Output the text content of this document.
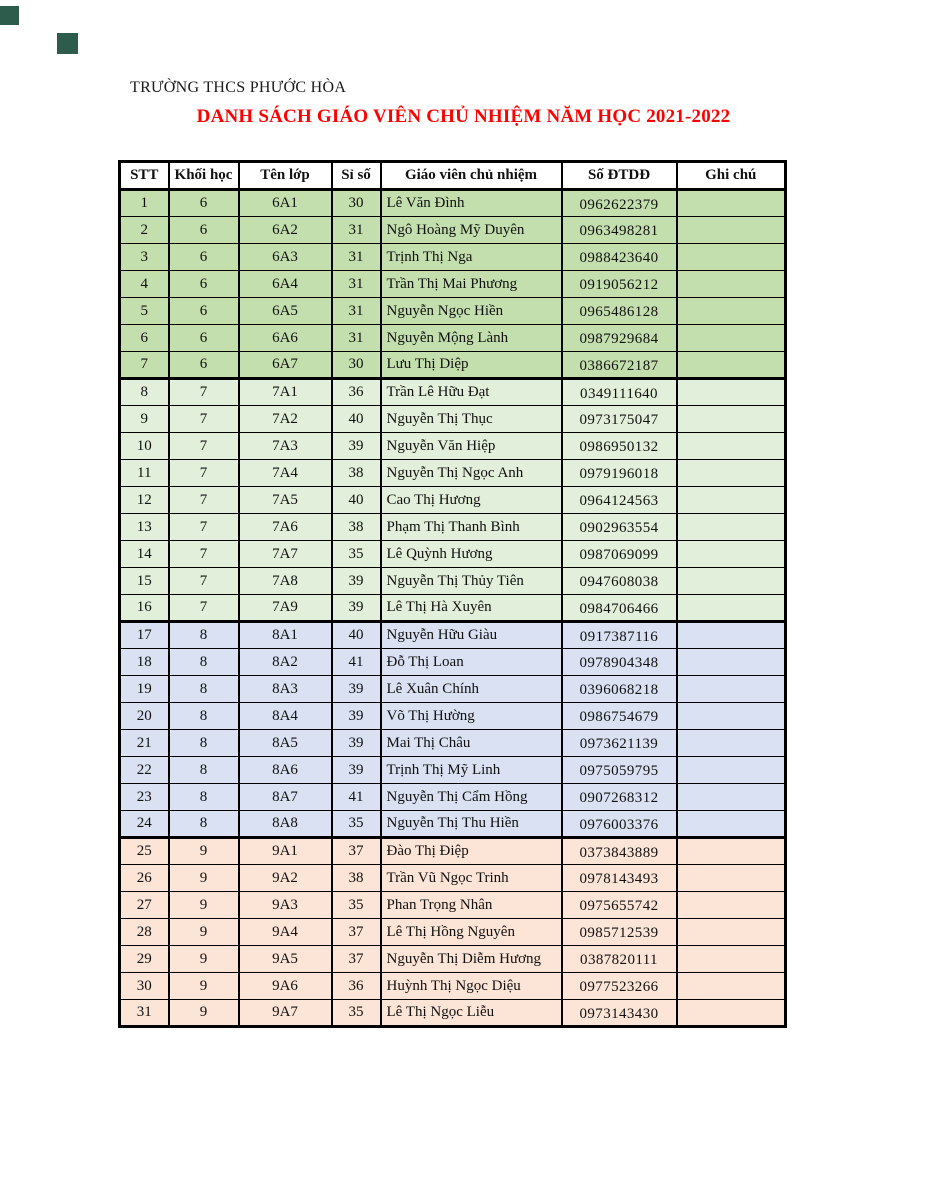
TRƯỜNG THCS PHƯỚC HÒA
DANH SÁCH GIÁO VIÊN CHỦ NHIỆM NĂM HỌC 2021-2022
STT	Khối học	Tên lớp	Sỉ số	Giáo viên chủ nhiệm	Số ĐTDĐ	Ghi chú
1	6	6A1	30	Lê Văn Đình	0962622379	
2	6	6A2	31	Ngô Hoàng Mỹ Duyên	0963498281	
3	6	6A3	31	Trịnh Thị Nga	0988423640	
4	6	6A4	31	Trần Thị Mai Phương	0919056212	
5	6	6A5	31	Nguyễn Ngọc Hiền	0965486128	
6	6	6A6	31	Nguyễn Mộng Lành	0987929684	
7	6	6A7	30	Lưu Thị Diệp	0386672187	
8	7	7A1	36	Trần Lê Hữu Đạt	0349111640	
9	7	7A2	40	Nguyễn Thị Thục	0973175047	
10	7	7A3	39	Nguyễn Văn Hiệp	0986950132	
11	7	7A4	38	Nguyễn Thị Ngọc Anh	0979196018	
12	7	7A5	40	Cao Thị Hương	0964124563	
13	7	7A6	38	Phạm Thị Thanh Bình	0902963554	
14	7	7A7	35	Lê Quỳnh Hương	0987069099	
15	7	7A8	39	Nguyễn Thị Thủy Tiên	0947608038	
16	7	7A9	39	Lê Thị Hà Xuyên	0984706466	
17	8	8A1	40	Nguyễn Hữu Giàu	0917387116	
18	8	8A2	41	Đỗ Thị Loan	0978904348	
19	8	8A3	39	Lê Xuân Chính	0396068218	
20	8	8A4	39	Võ Thị Hường	0986754679	
21	8	8A5	39	Mai Thị Châu	0973621139	
22	8	8A6	39	Trịnh Thị Mỹ Linh	0975059795	
23	8	8A7	41	Nguyễn Thị Cẩm Hồng	0907268312	
24	8	8A8	35	Nguyễn Thị Thu Hiền	0976003376	
25	9	9A1	37	Đào Thị Điệp	0373843889	
26	9	9A2	38	Trần Vũ Ngọc Trinh	0978143493	
27	9	9A3	35	Phan Trọng Nhân	0975655742	
28	9	9A4	37	Lê Thị Hồng Nguyên	0985712539	
29	9	9A5	37	Nguyễn Thị Diễm Hương	0387820111	
30	9	9A6	36	Huỳnh Thị Ngọc Diệu	0977523266	
31	9	9A7	35	Lê Thị Ngọc Liễu	0973143430	
